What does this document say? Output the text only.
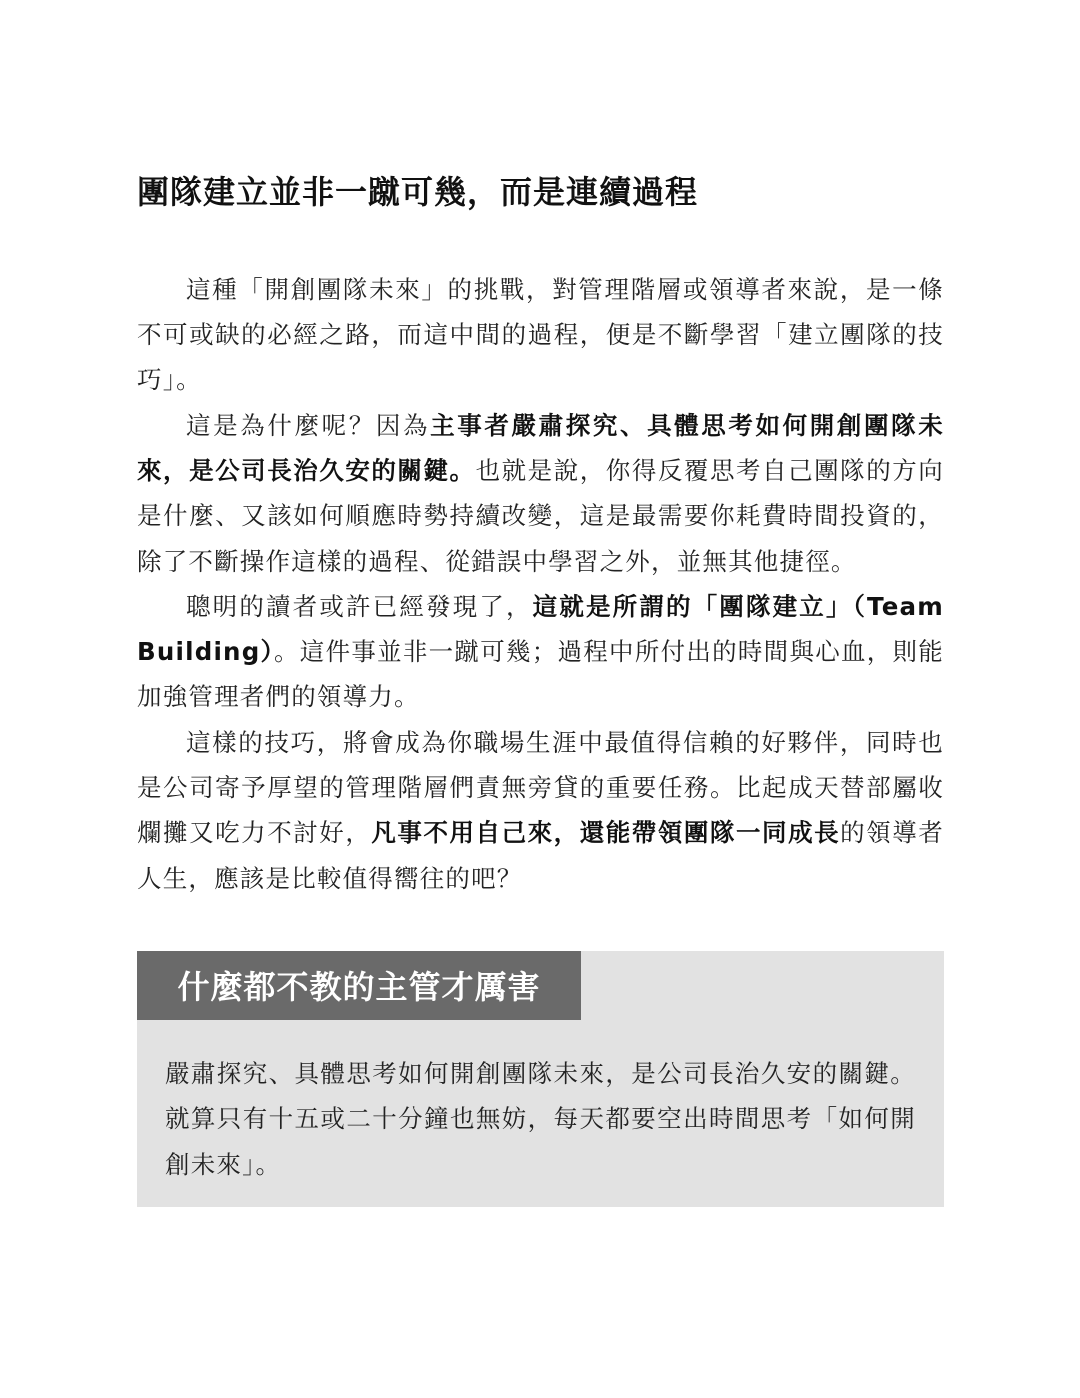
團隊建立並非一蹴可幾，而是連續過程

這種「開創團隊未來」的挑戰，對管理階層或領導者來說，是一條不可或缺的必經之路，而這中間的過程，便是不斷學習「建立團隊的技巧」。

這是為什麼呢？因為主事者嚴肅探究、具體思考如何開創團隊未來，是公司長治久安的關鍵。也就是說，你得反覆思考自己團隊的方向是什麼、又該如何順應時勢持續改變，這是最需要你耗費時間投資的，除了不斷操作這樣的過程、從錯誤中學習之外，並無其他捷徑。

聰明的讀者或許已經發現了，這就是所謂的「團隊建立」（Team Building）。這件事並非一蹴可幾；過程中所付出的時間與心血，則能加強管理者們的領導力。

這樣的技巧，將會成為你職場生涯中最值得信賴的好夥伴，同時也是公司寄予厚望的管理階層們責無旁貸的重要任務。比起成天替部屬收爛攤又吃力不討好，凡事不用自己來，還能帶領團隊一同成長的領導者人生，應該是比較值得嚮往的吧？

什麼都不教的主管才厲害

嚴肅探究、具體思考如何開創團隊未來，是公司長治久安的關鍵。就算只有十五或二十分鐘也無妨，每天都要空出時間思考「如何開創未來」。
